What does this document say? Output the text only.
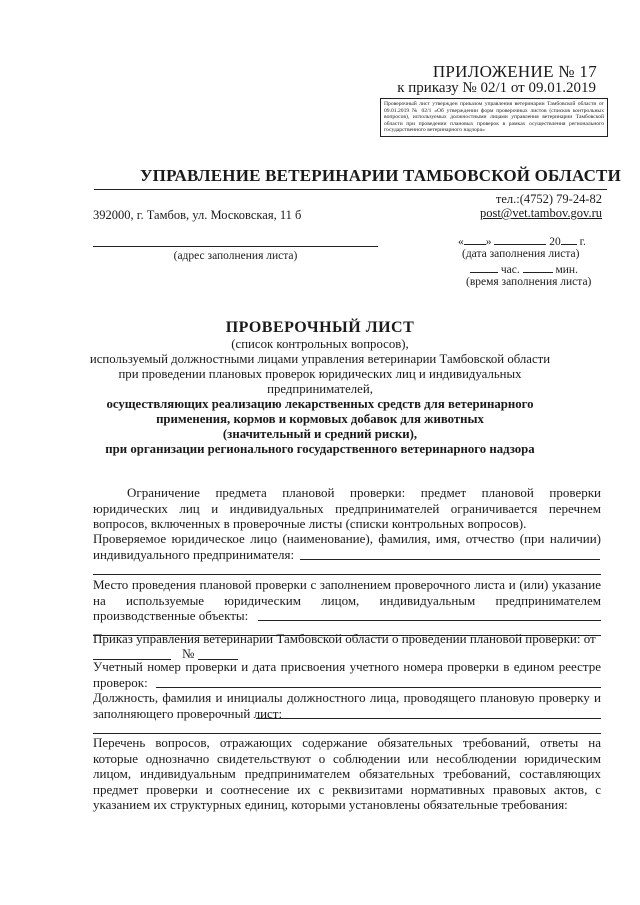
ПРИЛОЖЕНИЕ № 17
к приказу № 02/1 от 09.01.2019
Проверочный лист утвержден приказом управления ветеринарии Тамбовской области от 09.01.2019 № 02/1 «Об утверждении форм проверочных листов (списков контрольных вопросов), используемых должностными лицами управления ветеринарии Тамбовской области при проведении плановых проверок в рамках осуществления регионального государственного ветеринарного надзора»
УПРАВЛЕНИЕ ВЕТЕРИНАРИИ ТАМБОВСКОЙ ОБЛАСТИ
тел.:(4752) 79-24-82
post@vet.tambov.gov.ru
392000, г. Тамбов, ул. Московская, 11 б
(адрес заполнения листа)
« »	20 г.
(дата заполнения листа)
час.	мин.
(время заполнения листа)
ПРОВЕРОЧНЫЙ ЛИСТ
(список контрольных вопросов),
используемый должностными лицами управления ветеринарии Тамбовской области
при проведении плановых проверок юридических лиц и индивидуальных
предпринимателей,
осуществляющих реализацию лекарственных средств для ветеринарного
применения, кормов и кормовых добавок для животных
(значительный и средний риски),
при организации регионального государственного ветеринарного надзора
Ограничение предмета плановой проверки: предмет плановой проверки юридических лиц и индивидуальных предпринимателей ограничивается перечнем вопросов, включенных в проверочные листы (списки контрольных вопросов).
Проверяемое юридическое лицо (наименование), фамилия, имя, отчество (при наличии) индивидуального предпринимателя:
Место проведения плановой проверки с заполнением проверочного листа и (или) указание на используемые юридическим лицом, индивидуальным предпринимателем производственные объекты:
Приказ управления ветеринарии Тамбовской области о проведении плановой проверки: от
№
Учетный номер проверки и дата присвоения учетного номера проверки в едином реестре проверок:
Должность, фамилия и инициалы должностного лица, проводящего плановую проверку и заполняющего проверочный лист:
Перечень вопросов, отражающих содержание обязательных требований, ответы на которые однозначно свидетельствуют о соблюдении или несоблюдении юридическим лицом, индивидуальным предпринимателем обязательных требований, составляющих предмет проверки и соотнесение их с реквизитами нормативных правовых актов, с указанием их структурных единиц, которыми установлены обязательные требования:
